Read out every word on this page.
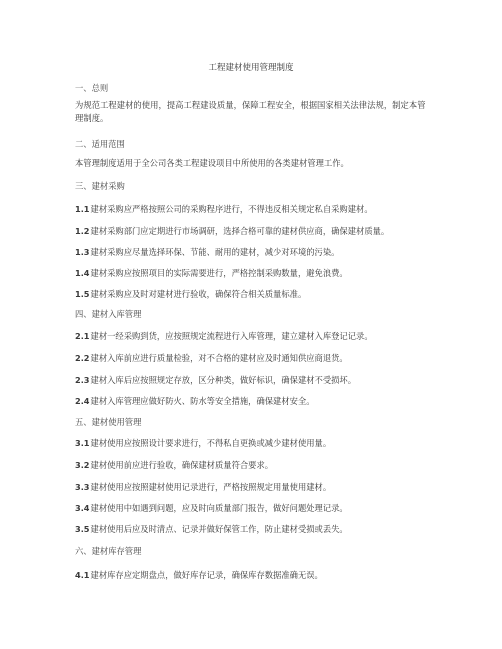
工程建材使用管理制度
一、总则
为规范工程建材的使用，提高工程建设质量，保障工程安全，根据国家相关法律法规，制定本管理制度。
二、适用范围
本管理制度适用于全公司各类工程建设项目中所使用的各类建材管理工作。
三、建材采购
1.1建材采购应严格按照公司的采购程序进行，不得违反相关规定私自采购建材。
1.2建材采购部门应定期进行市场调研，选择合格可靠的建材供应商，确保建材质量。
1.3建材采购应尽量选择环保、节能、耐用的建材，减少对环境的污染。
1.4建材采购应按照项目的实际需要进行，严格控制采购数量，避免浪费。
1.5建材采购应及时对建材进行验收，确保符合相关质量标准。
四、建材入库管理
2.1建材一经采购到货，应按照规定流程进行入库管理，建立建材入库登记记录。
2.2建材入库前应进行质量检验，对不合格的建材应及时通知供应商退货。
2.3建材入库后应按照规定存放，区分种类，做好标识，确保建材不受损坏。
2.4建材入库管理应做好防火、防水等安全措施，确保建材安全。
五、建材使用管理
3.1建材使用应按照设计要求进行，不得私自更换或减少建材使用量。
3.2建材使用前应进行验收，确保建材质量符合要求。
3.3建材使用应按照建材使用记录进行，严格按照规定用量使用建材。
3.4建材使用中如遇到问题，应及时向质量部门报告，做好问题处理记录。
3.5建材使用后应及时清点、记录并做好保管工作，防止建材受损或丢失。
六、建材库存管理
4.1建材库存应定期盘点，做好库存记录，确保库存数据准确无误。
